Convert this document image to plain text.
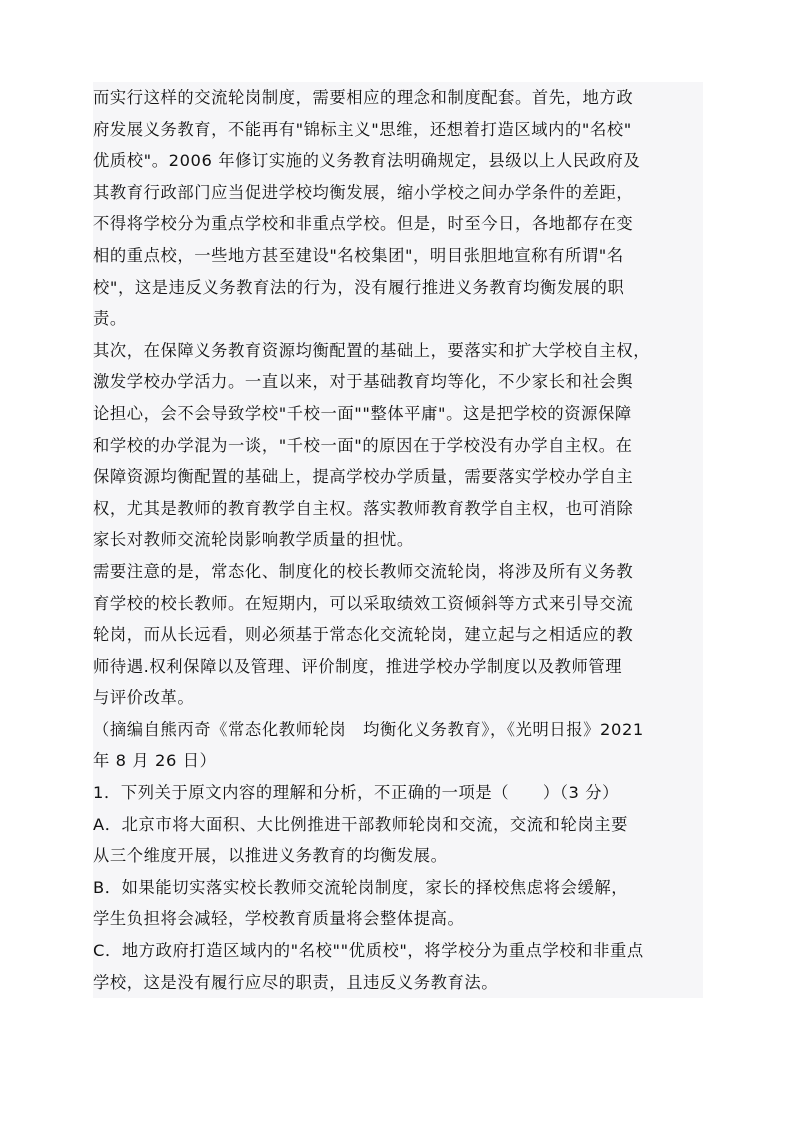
而实行这样的交流轮岗制度，需要相应的理念和制度配套。首先，地方政
府发展义务教育，不能再有"锦标主义"思维，还想着打造区域内的"名校"
优质校"。2006 年修订实施的义务教育法明确规定，县级以上人民政府及
其教育行政部门应当促进学校均衡发展，缩小学校之间办学条件的差距，
不得将学校分为重点学校和非重点学校。但是，时至今日，各地都存在变
相的重点校，一些地方甚至建设"名校集团"，明目张胆地宣称有所谓"名
校"，这是违反义务教育法的行为，没有履行推进义务教育均衡发展的职
责。
其次，在保障义务教育资源均衡配置的基础上，要落实和扩大学校自主权，
激发学校办学活力。一直以来，对于基础教育均等化，不少家长和社会舆
论担心，会不会导致学校"千校一面""整体平庸"。这是把学校的资源保障
和学校的办学混为一谈，"千校一面"的原因在于学校没有办学自主权。在
保障资源均衡配置的基础上，提高学校办学质量，需要落实学校办学自主
权，尤其是教师的教育教学自主权。落实教师教育教学自主权，也可消除
家长对教师交流轮岗影响教学质量的担忧。
需要注意的是，常态化、制度化的校长教师交流轮岗，将涉及所有义务教
育学校的校长教师。在短期内，可以采取绩效工资倾斜等方式来引导交流
轮岗，而从长远看，则必须基于常态化交流轮岗，建立起与之相适应的教
师待遇.权利保障以及管理、评价制度，推进学校办学制度以及教师管理
与评价改革。
（摘编自熊丙奇《常态化教师轮岗　均衡化义务教育》，《光明日报》2021
年 8 月 26 日）
1．下列关于原文内容的理解和分析，不正确的一项是（　　）（3 分）
A．北京市将大面积、大比例推进干部教师轮岗和交流，交流和轮岗主要
从三个维度开展，以推进义务教育的均衡发展。
B．如果能切实落实校长教师交流轮岗制度，家长的择校焦虑将会缓解，
学生负担将会减轻，学校教育质量将会整体提高。
C．地方政府打造区域内的"名校""优质校"，将学校分为重点学校和非重点
学校，这是没有履行应尽的职责，且违反义务教育法。
